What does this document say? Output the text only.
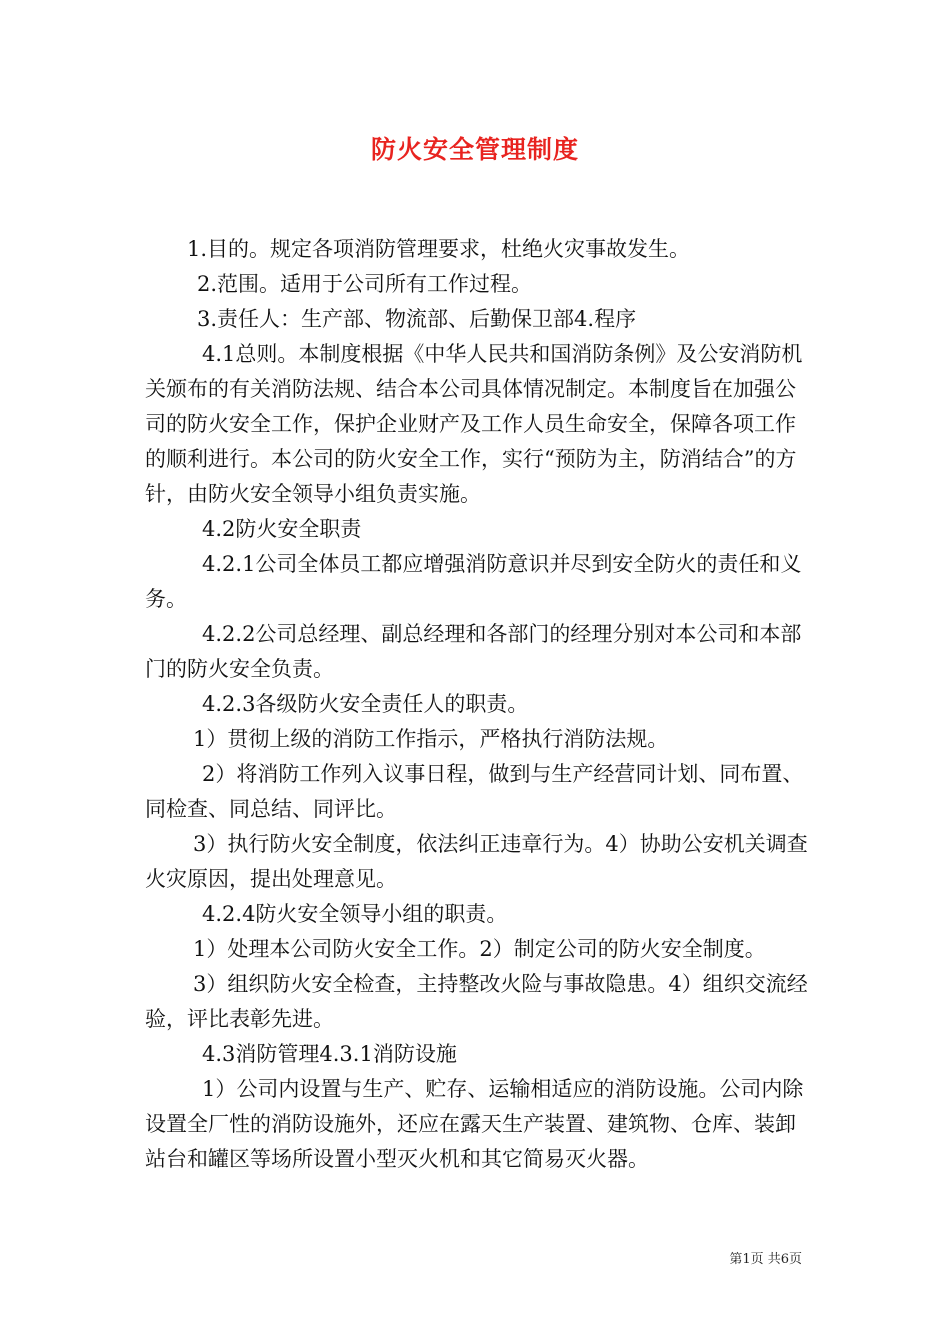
防火安全管理制度

1.目的。规定各项消防管理要求，杜绝火灾事故发生。

2.范围。适用于公司所有工作过程。

3.责任人：生产部、物流部、后勤保卫部4.程序

4.1总则。本制度根据《中华人民共和国消防条例》及公安消防机关颁布的有关消防法规、结合本公司具体情况制定。本制度旨在加强公司的防火安全工作，保护企业财产及工作人员生命安全，保障各项工作的顺利进行。本公司的防火安全工作，实行“预防为主，防消结合”的方针，由防火安全领导小组负责实施。

4.2防火安全职责

4.2.1公司全体员工都应增强消防意识并尽到安全防火的责任和义务。

4.2.2公司总经理、副总经理和各部门的经理分别对本公司和本部门的防火安全负责。

4.2.3各级防火安全责任人的职责。

1）贯彻上级的消防工作指示，严格执行消防法规。

2）将消防工作列入议事日程，做到与生产经营同计划、同布置、同检查、同总结、同评比。

3）执行防火安全制度，依法纠正违章行为。4）协助公安机关调查火灾原因，提出处理意见。

4.2.4防火安全领导小组的职责。

1）处理本公司防火安全工作。2）制定公司的防火安全制度。

3）组织防火安全检查，主持整改火险与事故隐患。4）组织交流经验，评比表彰先进。

4.3消防管理4.3.1消防设施

1）公司内设置与生产、贮存、运输相适应的消防设施。公司内除设置全厂性的消防设施外，还应在露天生产装置、建筑物、仓库、装卸站台和罐区等场所设置小型灭火机和其它简易灭火器。

第1页 共6页
